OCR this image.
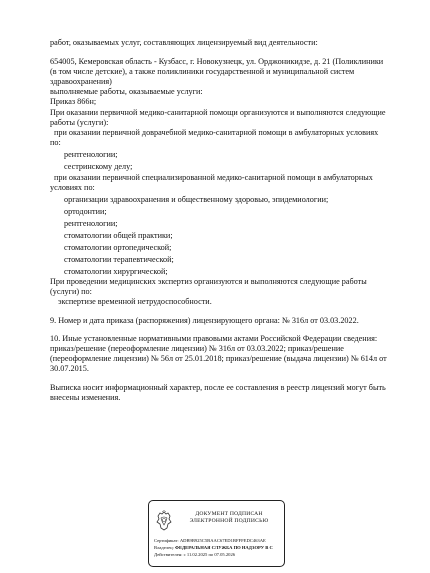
работ, оказываемых услуг, составляющих лицензируемый вид деятельности:
654005, Кемеровская область - Кузбасс, г. Новокузнецк, ул. Орджоникидзе, д. 21 (Поликлиники
(в том числе детские), а также поликлиники государственной и муниципальной систем
здравоохранения)
выполняемые работы, оказываемые услуги:
Приказ 866н;
При оказании первичной медико-санитарной помощи организуются и выполняются следующие
работы (услуги):
при оказании первичной доврачебной медико-санитарной помощи в амбулаторных условиях
по:
рентгенологии;
сестринскому делу;
при оказании первичной специализированной медико-санитарной помощи в амбулаторных
условиях по:
организации здравоохранения и общественному здоровью, эпидемиологии;
ортодонтии;
рентгенологии;
стоматологии общей практики;
стоматологии ортопедической;
стоматологии терапевтической;
стоматологии хирургической;
При проведении медицинских экспертиз организуются и выполняются следующие работы
(услуги) по:
экспертизе временной нетрудоспособности.
9. Номер и дата приказа (распоряжения) лицензирующего органа: № 316л от 03.03.2022.
10. Иные установленные нормативными правовыми актами Российской Федерации сведения:
приказ/решение (переоформление лицензии) № 316л от 03.03.2022; приказ/решение
(переоформление лицензии) № 56л от 25.01.2018; приказ/решение (выдача лицензии) № 614л от
30.07.2015.
Выписка носит информационный характер, после ее составления в реестр лицензий могут быть
внесены изменения.
ДОКУМЕНТ ПОДПИСАН
ЭЛЕКТРОННОЙ ПОДПИСЬЮ
Сертификат: ADB9B925C5BAAC67ED1BFFFEDC463AE
Владелец: ФЕДЕРАЛЬНАЯ СЛУЖБА ПО НАДЗОРУ В С
Действителен: с 11.02.2025 по 07.05.2026
